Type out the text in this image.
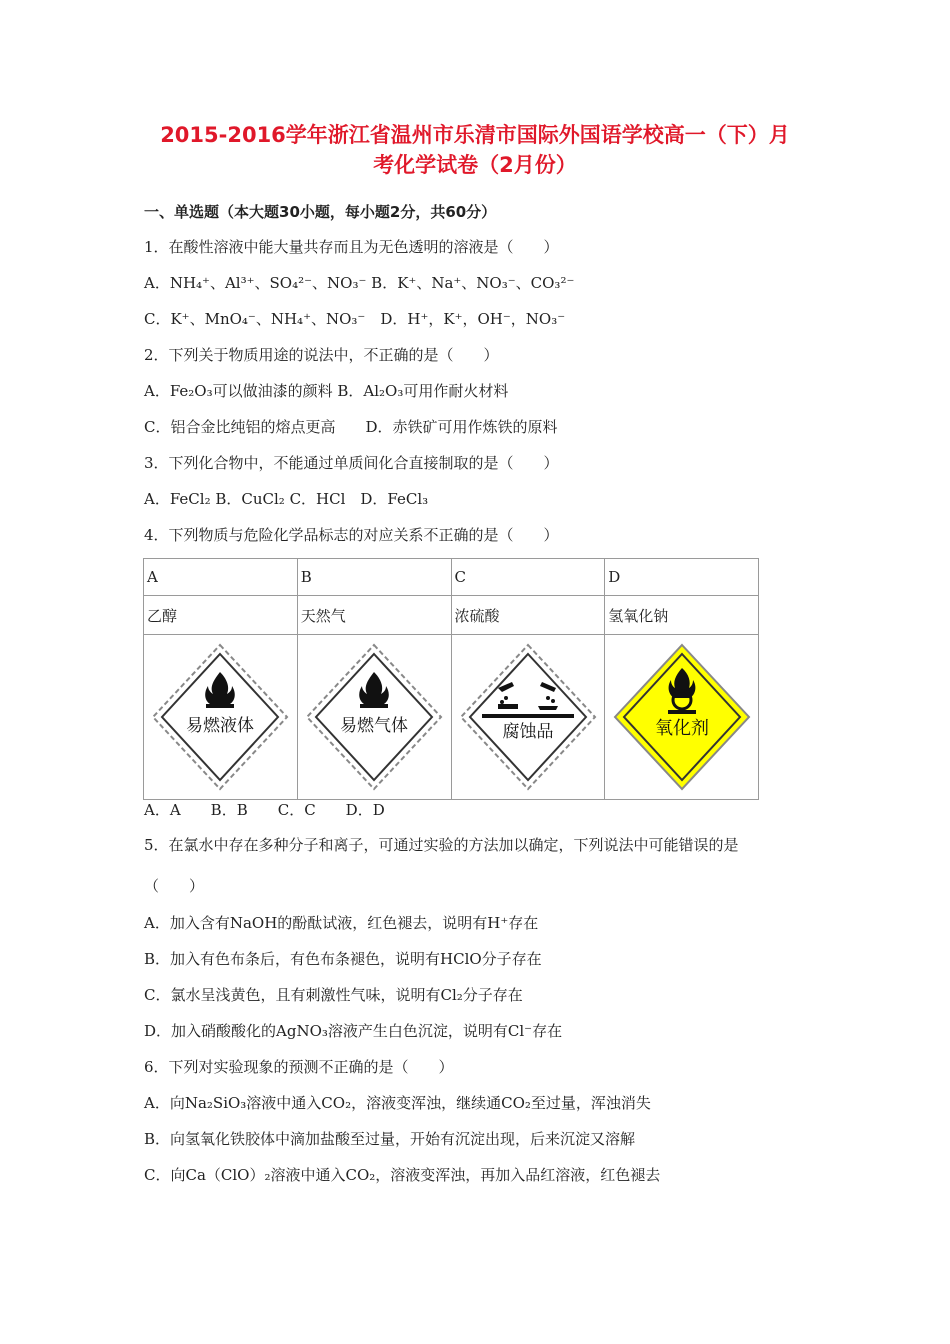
2015-2016学年浙江省温州市乐清市国际外国语学校高一（下）月
考化学试卷（2月份）
一、单选题（本大题30小题，每小题2分，共60分）
1．在酸性溶液中能大量共存而且为无色透明的溶液是（　　）
A．NH₄⁺、Al³⁺、SO₄²⁻、NO₃⁻ B．K⁺、Na⁺、NO₃⁻、CO₃²⁻
C．K⁺、MnO₄⁻、NH₄⁺、NO₃⁻　D．H⁺，K⁺，OH⁻，NO₃⁻
2．下列关于物质用途的说法中，不正确的是（　　）
A．Fe₂O₃可以做油漆的颜料 B．Al₂O₃可用作耐火材料
C．铝合金比纯铝的熔点更高　　D．赤铁矿可用作炼铁的原料
3．下列化合物中，不能通过单质间化合直接制取的是（　　）
A．FeCl₂ B．CuCl₂ C．HCl　D．FeCl₃
4．下列物质与危险化学品标志的对应关系不正确的是（　　）
A	B	C	D
乙醇	天然气	浓硫酸	氢氧化钠

易燃液体	易燃气体	腐蚀品	氧化剂
A．A　　B．B　　C．C　　D．D
5．在氯水中存在多种分子和离子，可通过实验的方法加以确定，下列说法中可能错误的是
（　　）
A．加入含有NaOH的酚酞试液，红色褪去，说明有H⁺存在
B．加入有色布条后，有色布条褪色，说明有HClO分子存在
C．氯水呈浅黄色，且有刺激性气味，说明有Cl₂分子存在
D．加入硝酸酸化的AgNO₃溶液产生白色沉淀，说明有Cl⁻存在
6．下列对实验现象的预测不正确的是（　　）
A．向Na₂SiO₃溶液中通入CO₂，溶液变浑浊，继续通CO₂至过量，浑浊消失
B．向氢氧化铁胶体中滴加盐酸至过量，开始有沉淀出现，后来沉淀又溶解
C．向Ca（ClO）₂溶液中通入CO₂，溶液变浑浊，再加入品红溶液，红色褪去
